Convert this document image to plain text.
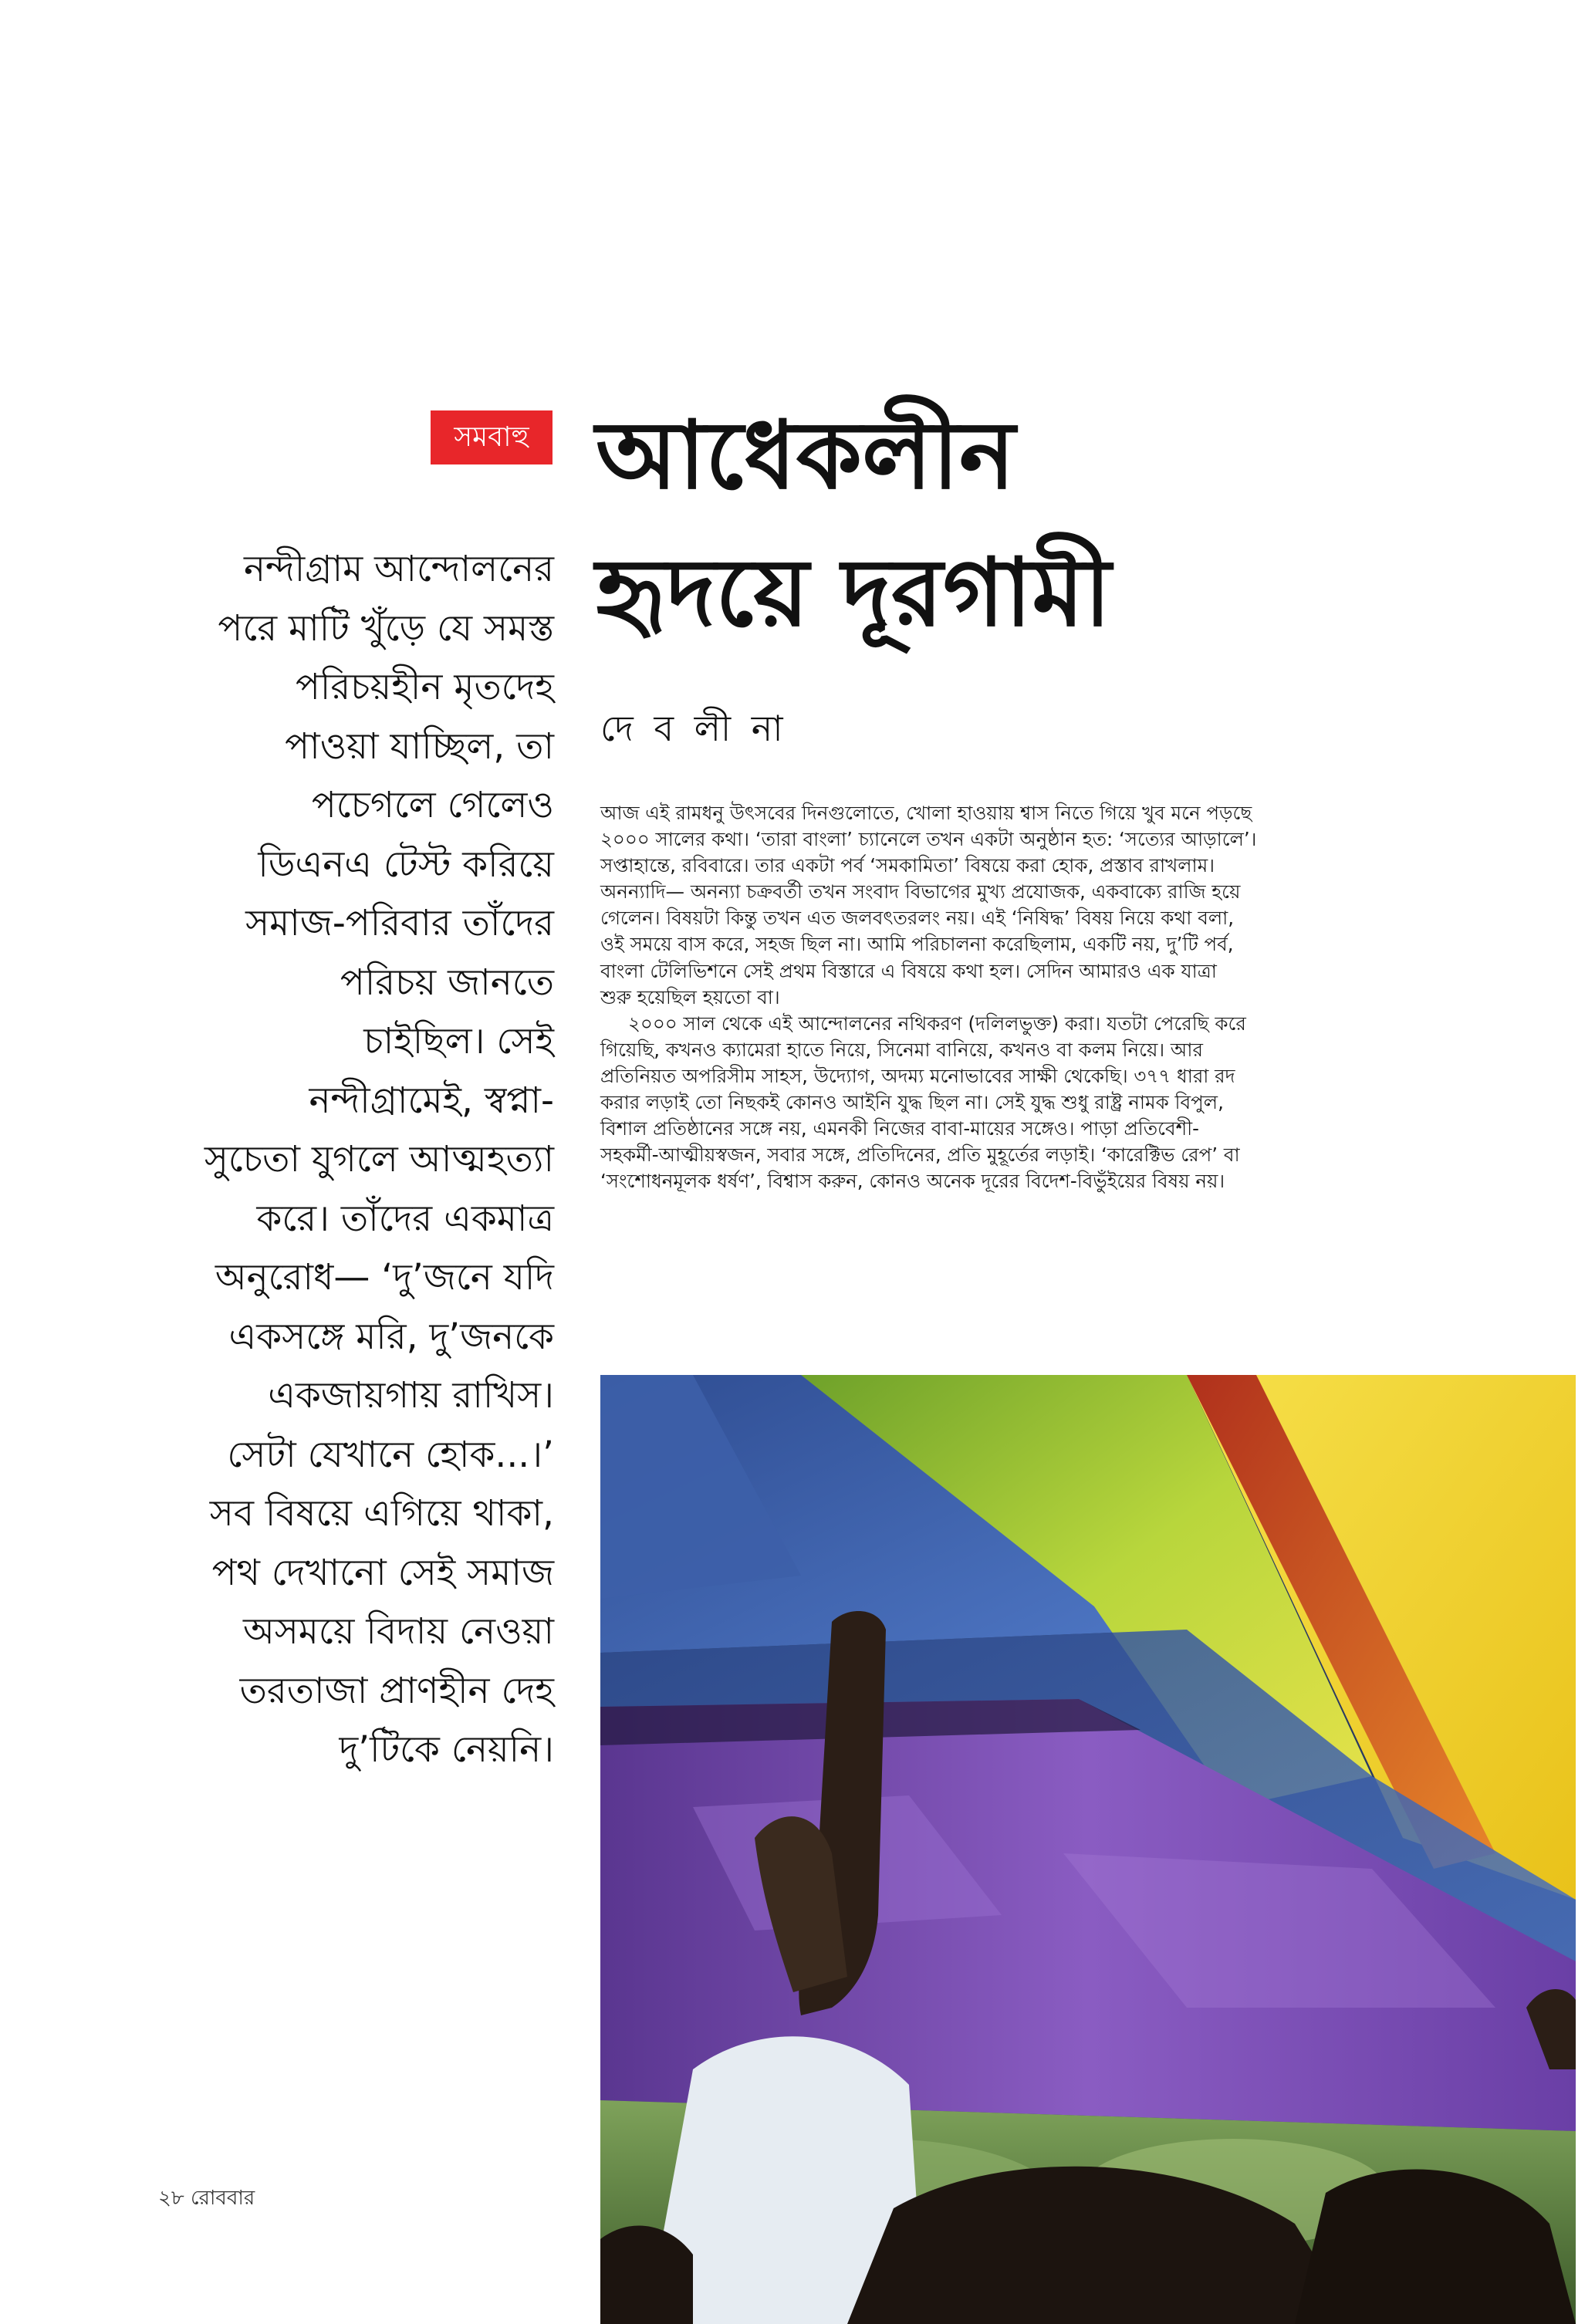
সমবাহু আধেকলীন
হৃদয়ে দূরগামী
দে ব লী না
নন্দীগ্রাম আন্দোলনের
পরে মাটি খুঁড়ে যে সমস্ত
পরিচয়হীন মৃতদেহ
পাওয়া যাচ্ছিল, তা
পচেগলে গেলেও
ডিএনএ টেস্ট করিয়ে
সমাজ-পরিবার তাঁদের
পরিচয় জানতে
চাইছিল। সেই
নন্দীগ্রামেই, স্বপ্না-
সুচেতা যুগলে আত্মহত্যা
করে। তাঁদের একমাত্র
অনুরোধ— ‘দু’জনে যদি
একসঙ্গে মরি, দু’জনকে
একজায়গায় রাখিস।
সেটা যেখানে হোক...।’
সব বিষয়ে এগিয়ে থাকা,
পথ দেখানো সেই সমাজ
অসময়ে বিদায় নেওয়া
তরতাজা প্রাণহীন দেহ
দু’টিকে নেয়নি।
আজ এই রামধনু উৎসবের দিনগুলোতে, খোলা হাওয়ায় শ্বাস নিতে গিয়ে খুব মনে পড়ছে
২০০০ সালের কথা। ‘তারা বাংলা’ চ্যানেলে তখন একটা অনুষ্ঠান হত: ‘সত্যের আড়ালে’।
সপ্তাহান্তে, রবিবারে। তার একটা পর্ব ‘সমকামিতা’ বিষয়ে করা হোক, প্রস্তাব রাখলাম।
অনন্যাদি— অনন্যা চক্রবর্তী তখন সংবাদ বিভাগের মুখ্য প্রযোজক, একবাক্যে রাজি হয়ে
গেলেন। বিষয়টা কিন্তু তখন এত জলবৎতরলং নয়। এই ‘নিষিদ্ধ’ বিষয় নিয়ে কথা বলা,
ওই সময়ে বাস করে, সহজ ছিল না। আমি পরিচালনা করেছিলাম, একটি নয়, দু’টি পর্ব,
বাংলা টেলিভিশনে সেই প্রথম বিস্তারে এ বিষয়ে কথা হল। সেদিন আমারও এক যাত্রা
শুরু হয়েছিল হয়তো বা।
২০০০ সাল থেকে এই আন্দোলনের নথিকরণ (দলিলভুক্ত) করা। যতটা পেরেছি করে
গিয়েছি, কখনও ক্যামেরা হাতে নিয়ে, সিনেমা বানিয়ে, কখনও বা কলম নিয়ে। আর
প্রতিনিয়ত অপরিসীম সাহস, উদ্যোগ, অদম্য মনোভাবের সাক্ষী থেকেছি। ৩৭৭ ধারা রদ
করার লড়াই তো নিছকই কোনও আইনি যুদ্ধ ছিল না। সেই যুদ্ধ শুধু রাষ্ট্র নামক বিপুল,
বিশাল প্রতিষ্ঠানের সঙ্গে নয়, এমনকী নিজের বাবা-মায়ের সঙ্গেও। পাড়া প্রতিবেশী-
সহকর্মী-আত্মীয়স্বজন, সবার সঙ্গে, প্রতিদিনের, প্রতি মুহূর্তের লড়াই। ‘কারেক্টিভ রেপ’ বা
‘সংশোধনমূলক ধর্ষণ’, বিশ্বাস করুন, কোনও অনেক দূরের বিদেশ-বিভুঁইয়ের বিষয় নয়।
২৮ রোববার
